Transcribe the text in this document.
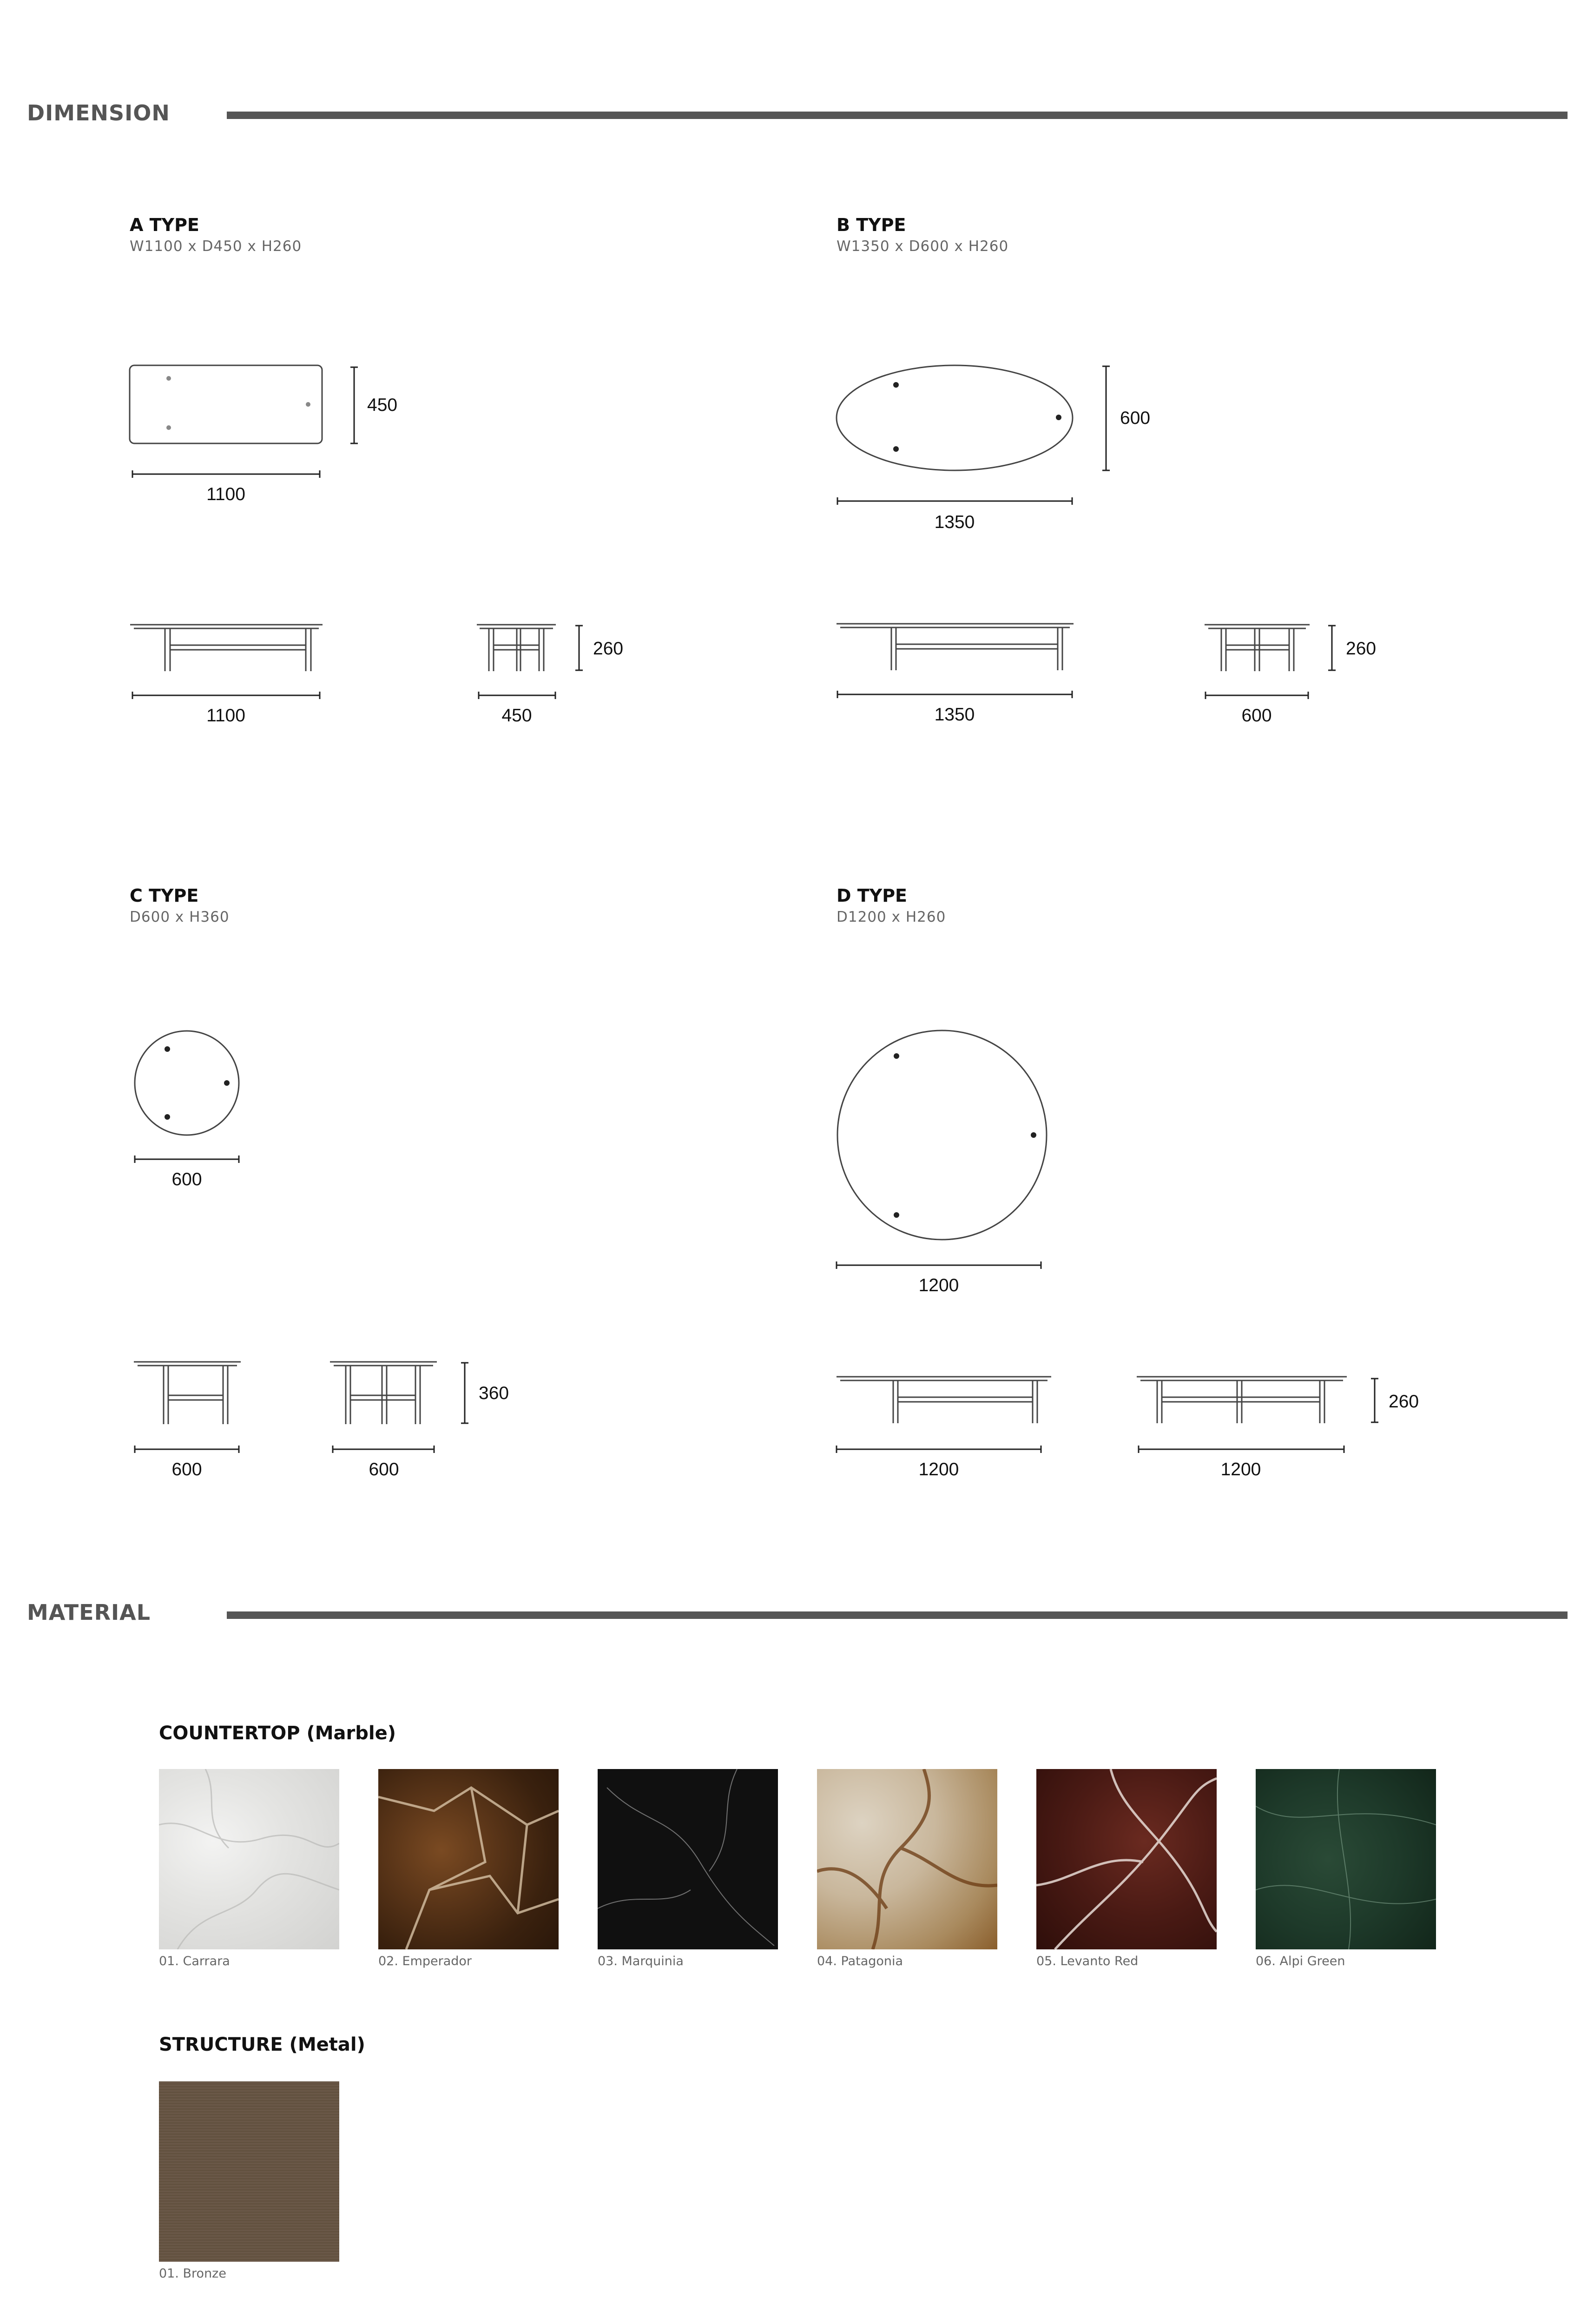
DIMENSION
A TYPE
W1100 x D450 x H260
B TYPE
W1350 x D600 x H260
C TYPE
D600 x H360
D TYPE
D1200 x H260
1100
450
1100	450
260
1350
600
1350	600
260
600
600	600
360
1200
1200	1200
260
MATERIAL
COUNTERTOP (Marble)
01. Carrara	02. Emperador	03. Marquinia	04. Patagonia	05. Levanto Red	06. Alpi Green
STRUCTURE (Metal)
01. Bronze
